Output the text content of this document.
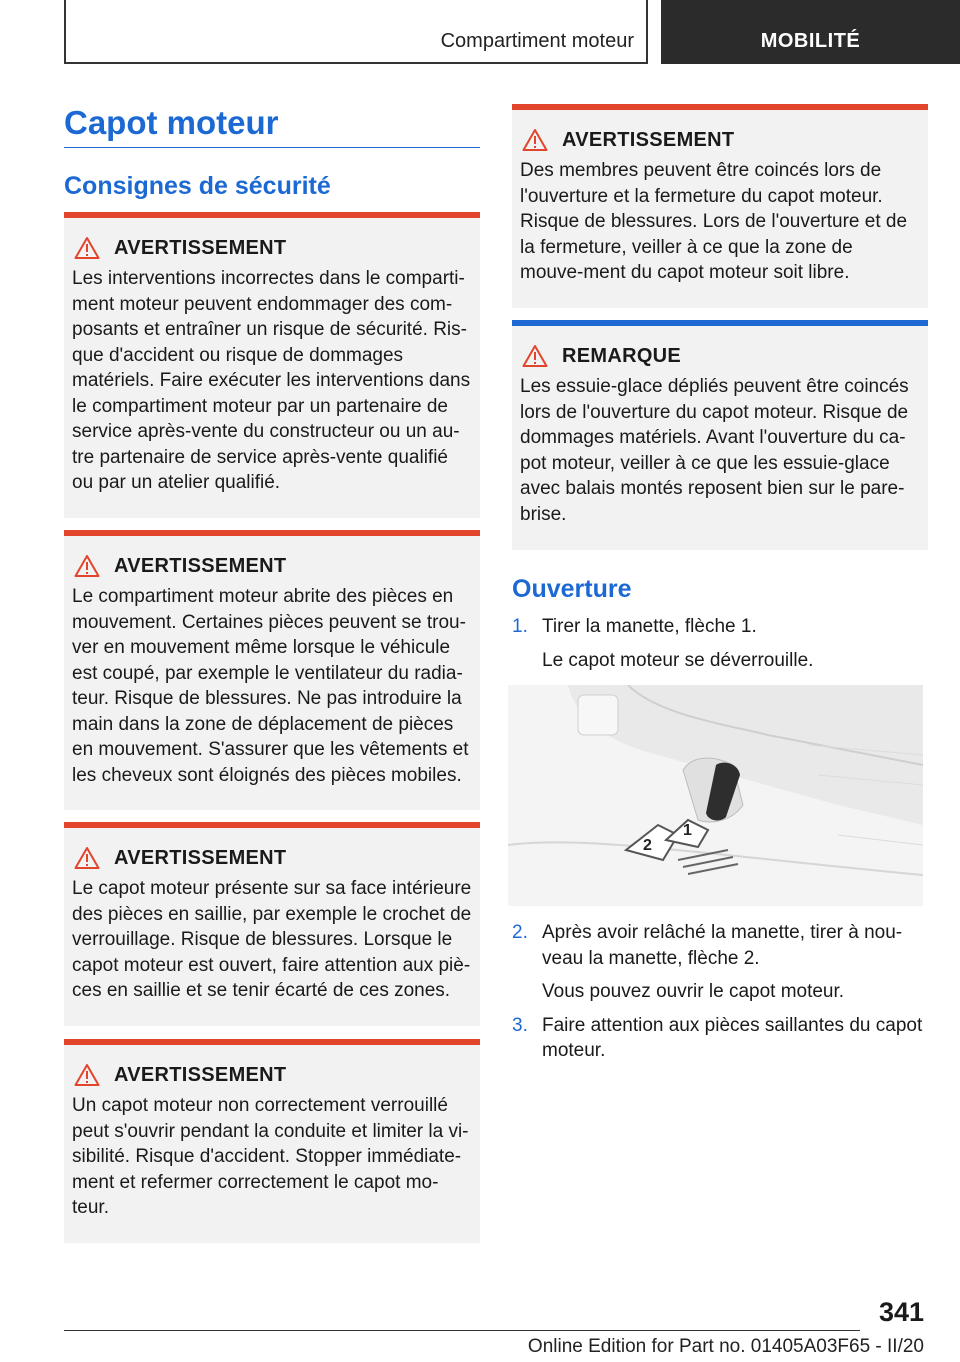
Compartiment moteur	MOBILITÉ
Capot moteur
Consignes de sécurité
AVERTISSEMENT
Les interventions incorrectes dans le comparti-ment moteur peuvent endommager des com-posants et entraîner un risque de sécurité. Ris-que d'accident ou risque de dommages matériels. Faire exécuter les interventions dans le compartiment moteur par un partenaire de service après-vente du constructeur ou un au-tre partenaire de service après-vente qualifié ou par un atelier qualifié.
AVERTISSEMENT
Le compartiment moteur abrite des pièces en mouvement. Certaines pièces peuvent se trou-ver en mouvement même lorsque le véhicule est coupé, par exemple le ventilateur du radia-teur. Risque de blessures. Ne pas introduire la main dans la zone de déplacement de pièces en mouvement. S'assurer que les vêtements et les cheveux sont éloignés des pièces mobiles.
AVERTISSEMENT
Le capot moteur présente sur sa face intérieure des pièces en saillie, par exemple le crochet de verrouillage. Risque de blessures. Lorsque le capot moteur est ouvert, faire attention aux piè-ces en saillie et se tenir écarté de ces zones.
AVERTISSEMENT
Un capot moteur non correctement verrouillé peut s'ouvrir pendant la conduite et limiter la vi-sibilité. Risque d'accident. Stopper immédiate-ment et refermer correctement le capot mo-teur.
AVERTISSEMENT
Des membres peuvent être coincés lors de l'ouverture et la fermeture du capot moteur. Risque de blessures. Lors de l'ouverture et de la fermeture, veiller à ce que la zone de mouve-ment du capot moteur soit libre.
REMARQUE
Les essuie-glace dépliés peuvent être coincés lors de l'ouverture du capot moteur. Risque de dommages matériels. Avant l'ouverture du ca-pot moteur, veiller à ce que les essuie-glace avec balais montés reposent bien sur le pare-brise.
Ouverture
1. Tirer la manette, flèche 1.
Le capot moteur se déverrouille.
2
1
2. Après avoir relâché la manette, tirer à nou-veau la manette, flèche 2.
Vous pouvez ouvrir le capot moteur.
3. Faire attention aux pièces saillantes du capot moteur.
341
Online Edition for Part no. 01405A03F65 - II/20
